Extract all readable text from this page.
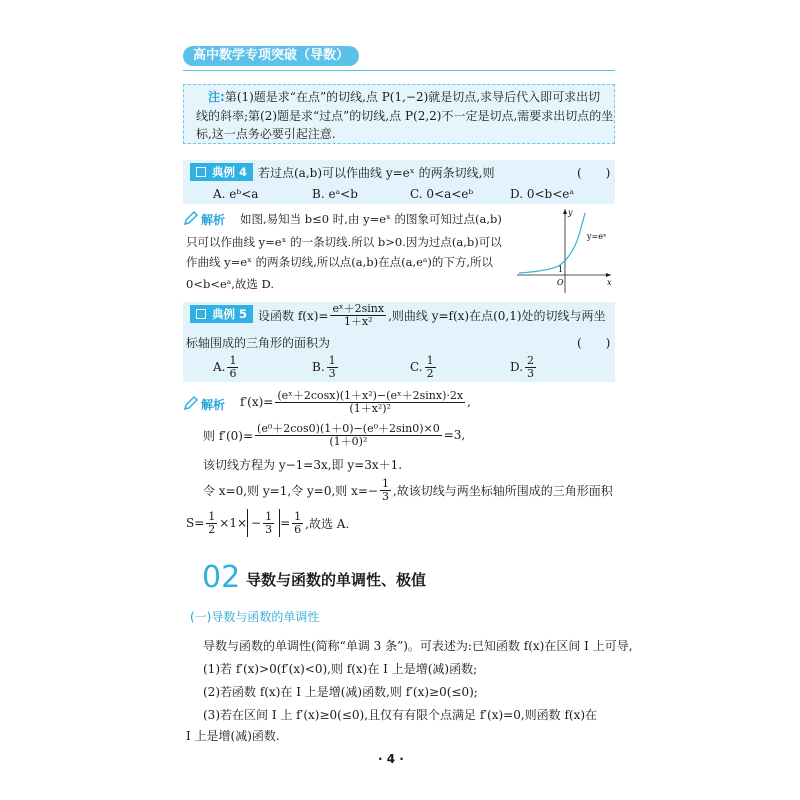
高中数学专项突破（导数）
注:第(1)题是求“在点”的切线,点 P(1,−2)就是切点,求导后代入即可求出切
线的斜率;第(2)题是求“过点”的切线,点 P(2,2)不一定是切点,需要求出切点的坐
标,这一点务必要引起注意.
典例 4 若过点(a,b)可以作曲线 y=eˣ 的两条切线,则	(　　)
A. eᵇ<a	B. eᵃ<b	C. 0<a<eᵇ	D. 0<b<eᵃ
解析 如图,易知当 b≤0 时,由 y=eˣ 的图象可知过点(a,b)
只可以作曲线 y=eˣ 的一条切线.所以 b>0.因为过点(a,b)可以
作曲线 y=eˣ 的两条切线,所以点(a,b)在点(a,eᵃ)的下方,所以
0<b<eᵃ,故选 D.
y
x
O
1
y=eˣ
典例 5 设函数 $f(x)= \frac{\text{eˣ＋2sinx}}{\text{1＋x²}}$ ,则曲线 y=f(x)在点(0,1)处的切线与两坐
标轴围成的三角形的面积为	(　　)
A. $\frac{1}{6}$	B. $\frac{1}{3}$	C. $\frac{1}{2}$	D. $\frac{2}{3}$
解析 $f'(x)= \frac{\text{(eˣ＋2cosx)(1＋x²)−(eˣ＋2sinx)·2x}}{\text{(1＋x²)²}}$ ,
则 $f'(0)= \frac{\text{(e⁰＋2cos0)(1＋0)−(e⁰＋2sin0)×0}}{\text{(1＋0)²}} =3$,
该切线方程为 y−1=3x,即 y=3x＋1.
令 x=0,则 y=1,令 y=0,则 $x=- \frac{1}{3}$ ,故该切线与两坐标轴所围成的三角形面积
$S= \frac{1}{2} \times 1\times - \frac{1}{3} = \frac{1}{6}$ ,故选 A.
02 导数与函数的单调性、极值
(一)导数与函数的单调性
导数与函数的单调性(简称“单调 3 条”)。可表述为:已知函数 f(x)在区间 I 上可导,
(1)若 f′(x)>0(f′(x)<0),则 f(x)在 I 上是增(减)函数;
(2)若函数 f(x)在 I 上是增(减)函数,则 f′(x)≥0(≤0);
(3)若在区间 I 上 f′(x)≥0(≤0),且仅有有限个点满足 f′(x)=0,则函数 f(x)在
I 上是增(减)函数.
· 4 ·
